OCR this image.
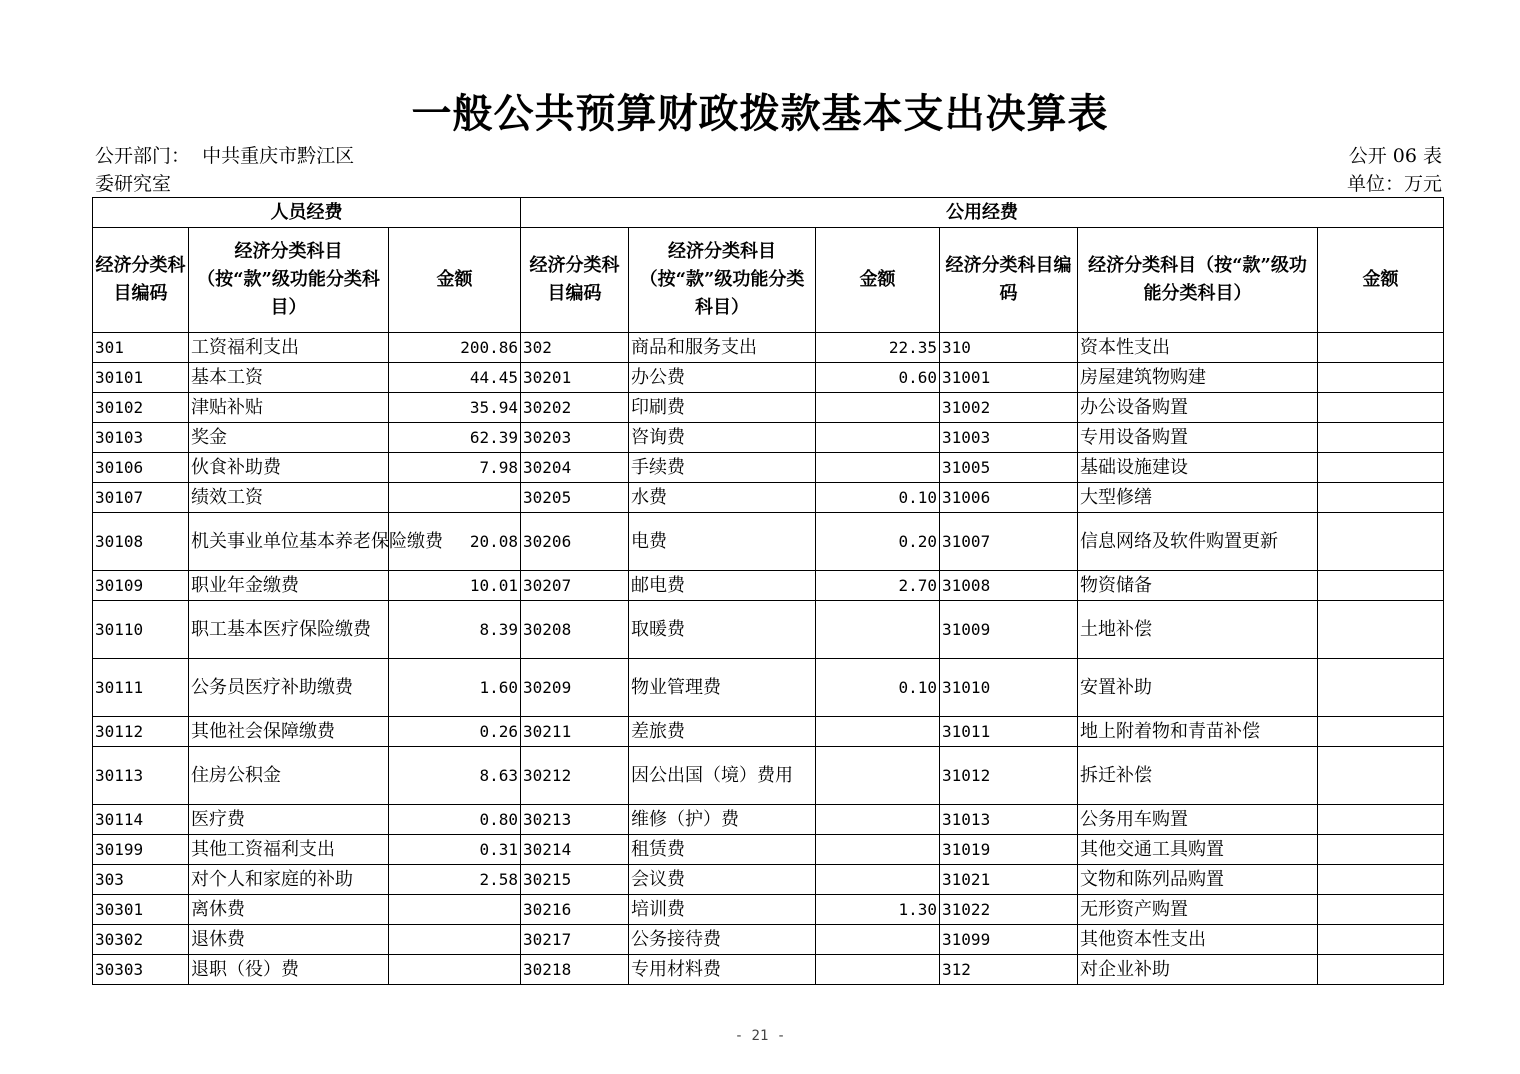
一般公共预算财政拨款基本支出决算表
公开部门：  中共重庆市黔江区
委研究室
公开 06 表
单位：万元
人员经费			公用经费					
经济分类科目编码	经济分类科目（按“款”级功能分类科目）	金额	经济分类科目编码	经济分类科目（按“款”级功能分类科目）	金额	经济分类科目编码	经济分类科目（按“款”级功能分类科目）	金额
301	工资福利支出	200.86	302	商品和服务支出	22.35	310	资本性支出	
30101	基本工资	44.45	30201	办公费	0.60	31001	房屋建筑物购建	
30102	津贴补贴	35.94	30202	印刷费		31002	办公设备购置	
30103	奖金	62.39	30203	咨询费		31003	专用设备购置	
30106	伙食补助费	7.98	30204	手续费		31005	基础设施建设	
30107	绩效工资		30205	水费	0.10	31006	大型修缮	
30108	机关事业单位基本养老保险缴费	20.08	30206	电费	0.20	31007	信息网络及软件购置更新	
30109	职业年金缴费	10.01	30207	邮电费	2.70	31008	物资储备	
30110	职工基本医疗保险缴费	8.39	30208	取暖费		31009	土地补偿	
30111	公务员医疗补助缴费	1.60	30209	物业管理费	0.10	31010	安置补助	
30112	其他社会保障缴费	0.26	30211	差旅费		31011	地上附着物和青苗补偿	
30113	住房公积金	8.63	30212	因公出国（境）费用		31012	拆迁补偿	
30114	医疗费	0.80	30213	维修（护）费		31013	公务用车购置	
30199	其他工资福利支出	0.31	30214	租赁费		31019	其他交通工具购置	
303	对个人和家庭的补助	2.58	30215	会议费		31021	文物和陈列品购置	
30301	离休费		30216	培训费	1.30	31022	无形资产购置	
30302	退休费		30217	公务接待费		31099	其他资本性支出	
30303	退职（役）费		30218	专用材料费		312	对企业补助	
- 21 -
